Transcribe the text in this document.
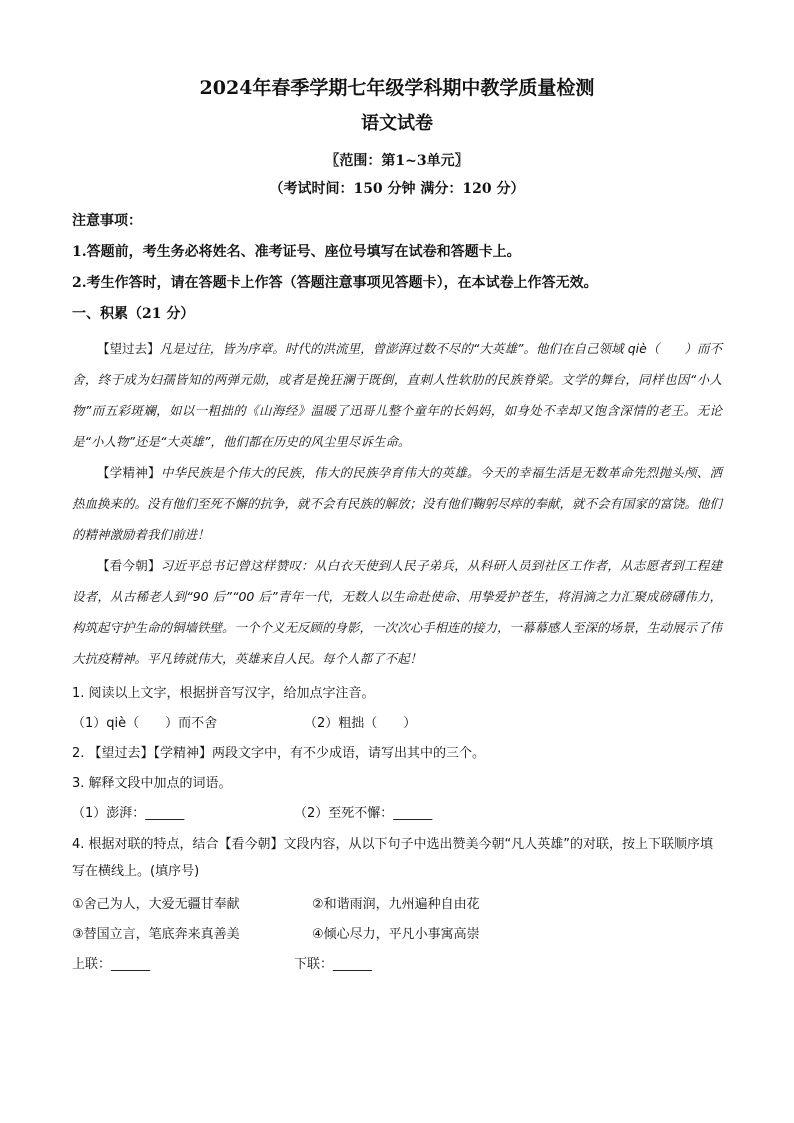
2024年春季学期七年级学科期中教学质量检测

语文试卷

〖范围：第1~3单元〗

（考试时间：150 分钟 满分：120 分）

注意事项：

1.答题前，考生务必将姓名、准考证号、座位号填写在试卷和答题卡上。

2.考生作答时，请在答题卡上作答（答题注意事项见答题卡），在本试卷上作答无效。

一、积累（21 分）

【望过去】凡是过往，皆为序章。时代的洪流里，曾澎湃过数不尽的“大英雄”。他们在自己领域 qiè（　　）而不舍，终于成为妇孺皆知的两弹元勋，或者是挽狂澜于既倒，直刺人性软肋的民族脊梁。文学的舞台，同样也因“小人物”而五彩斑斓，如以一粗拙的《山海经》温暖了迅哥儿整个童年的长妈妈，如身处不幸却又饱含深情的老王。无论是“小人物”还是“大英雄”，他们都在历史的风尘里尽诉生命。

【学精神】中华民族是个伟大的民族，伟大的民族孕育伟大的英雄。今天的幸福生活是无数革命先烈抛头颅、洒热血换来的。没有他们至死不懈的抗争，就不会有民族的解放；没有他们鞠躬尽瘁的奉献，就不会有国家的富饶。他们的精神激励着我们前进！

【看今朝】习近平总书记曾这样赞叹：从白衣天使到人民子弟兵，从科研人员到社区工作者，从志愿者到工程建设者，从古稀老人到“90 后”“00 后”青年一代，无数人以生命赴使命、用挚爱护苍生，将涓滴之力汇聚成磅礴伟力，构筑起守护生命的铜墙铁壁。一个个义无反顾的身影，一次次心手相连的接力，一幕幕感人至深的场景，生动展示了伟大抗疫精神。平凡铸就伟大，英雄来自人民。每个人都了不起！

1. 阅读以上文字，根据拼音写汉字，给加点字注音。

（1）qiè（　　）而不舍	（2）粗拙（　　）

2. 【望过去】【学精神】两段文字中，有不少成语，请写出其中的三个。

3. 解释文段中加点的词语。

（1）澎湃：______	（2）至死不懈：______

4. 根据对联的特点，结合【看今朝】文段内容，从以下句子中选出赞美今朝“凡人英雄”的对联，按上下联顺序填写在横线上。(填序号)

①舍己为人，大爱无疆甘奉献	②和谐雨润，九州遍种自由花
③替国立言，笔底奔来真善美	④倾心尽力，平凡小事寓高崇
上联：______	下联：______
